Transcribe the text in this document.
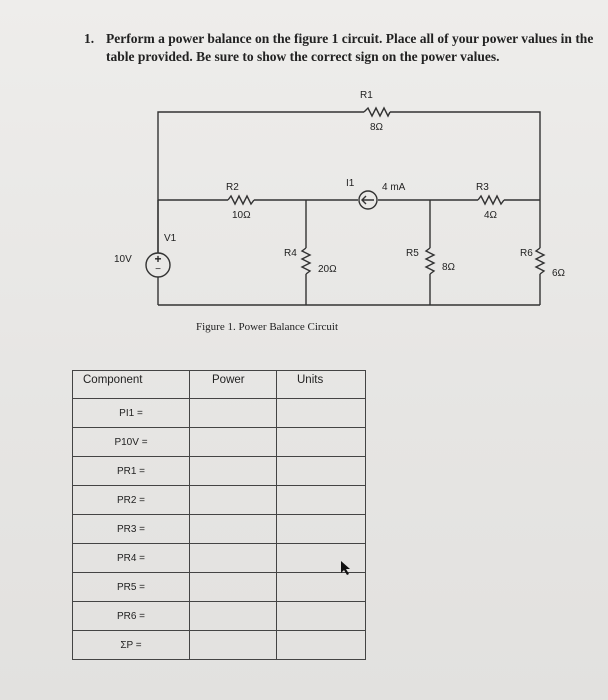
1. Perform a power balance on the figure 1 circuit. Place all of your power values in the table provided. Be sure to show the correct sign on the power values.
+
−
R1
8Ω
R2
10Ω
R3
4Ω
R4
20Ω
R5
8Ω
R6
6Ω
V1
10V
I1	4 mA
Figure 1. Power Balance Circuit
Component	Power	Units
PI1 =		
P10V =		
PR1 =		
PR2 =		
PR3 =		
PR4 =		
PR5 =		
PR6 =		
ΣP =		
